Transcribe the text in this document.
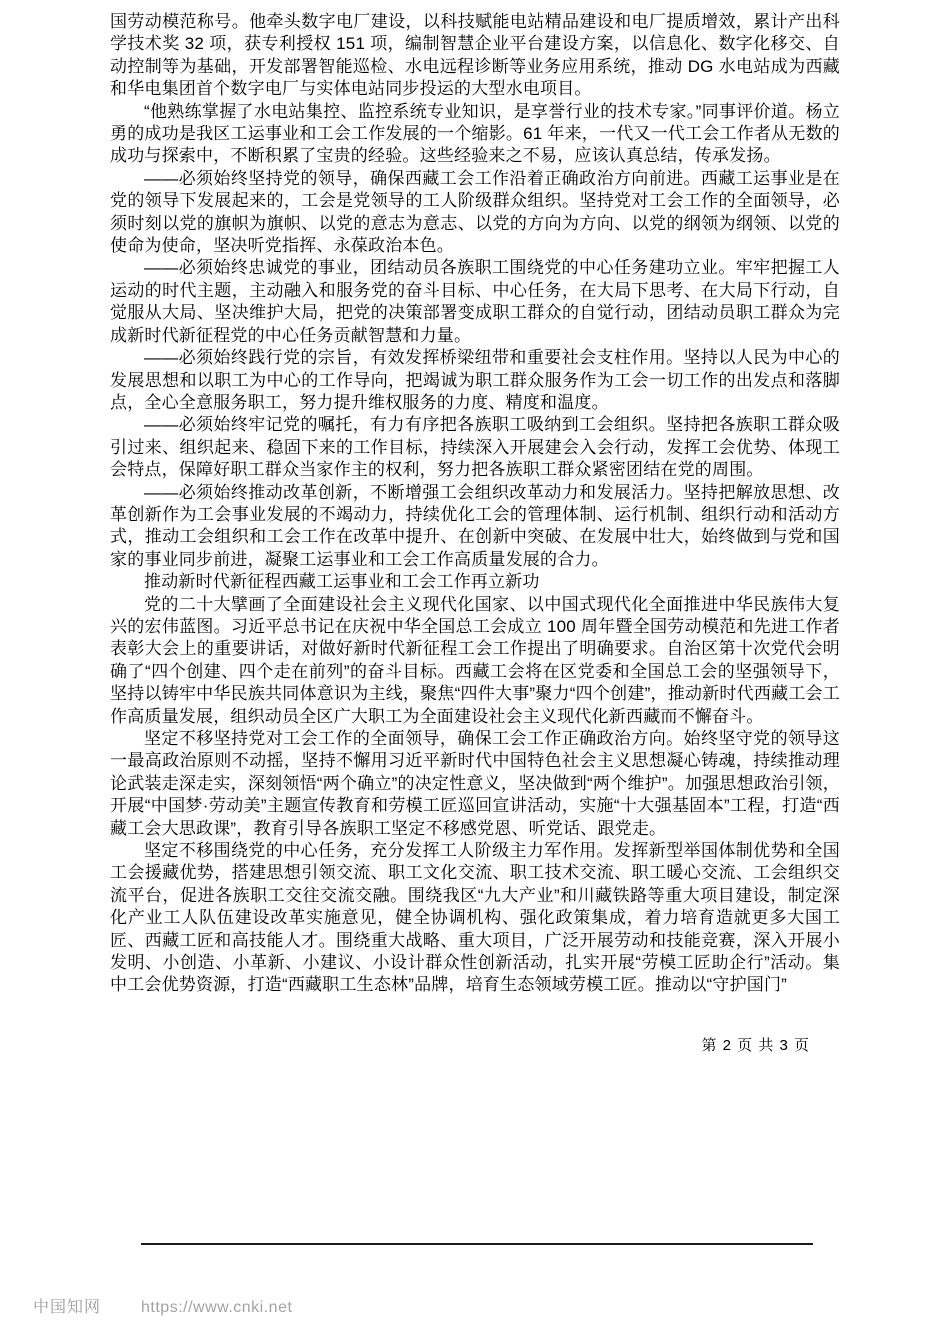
国劳动模范称号。他牵头数字电厂建设，以科技赋能电站精品建设和电厂提质增效，累计产出科学技术奖 32 项，获专利授权 151 项，编制智慧企业平台建设方案，以信息化、数字化移交、自动控制等为基础，开发部署智能巡检、水电远程诊断等业务应用系统，推动 DG 水电站成为西藏和华电集团首个数字电厂与实体电站同步投运的大型水电项目。

“他熟练掌握了水电站集控、监控系统专业知识，是享誉行业的技术专家。”同事评价道。杨立勇的成功是我区工运事业和工会工作发展的一个缩影。61 年来，一代又一代工会工作者从无数的成功与探索中，不断积累了宝贵的经验。这些经验来之不易，应该认真总结，传承发扬。

——必须始终坚持党的领导，确保西藏工会工作沿着正确政治方向前进。西藏工运事业是在党的领导下发展起来的，工会是党领导的工人阶级群众组织。坚持党对工会工作的全面领导，必须时刻以党的旗帜为旗帜、以党的意志为意志、以党的方向为方向、以党的纲领为纲领、以党的使命为使命，坚决听党指挥、永葆政治本色。

——必须始终忠诚党的事业，团结动员各族职工围绕党的中心任务建功立业。牢牢把握工人运动的时代主题，主动融入和服务党的奋斗目标、中心任务，在大局下思考、在大局下行动，自觉服从大局、坚决维护大局，把党的决策部署变成职工群众的自觉行动，团结动员职工群众为完成新时代新征程党的中心任务贡献智慧和力量。

——必须始终践行党的宗旨，有效发挥桥梁纽带和重要社会支柱作用。坚持以人民为中心的发展思想和以职工为中心的工作导向，把竭诚为职工群众服务作为工会一切工作的出发点和落脚点，全心全意服务职工，努力提升维权服务的力度、精度和温度。

——必须始终牢记党的嘱托，有力有序把各族职工吸纳到工会组织。坚持把各族职工群众吸引过来、组织起来、稳固下来的工作目标，持续深入开展建会入会行动，发挥工会优势、体现工会特点，保障好职工群众当家作主的权利，努力把各族职工群众紧密团结在党的周围。

——必须始终推动改革创新，不断增强工会组织改革动力和发展活力。坚持把解放思想、改革创新作为工会事业发展的不竭动力，持续优化工会的管理体制、运行机制、组织行动和活动方式，推动工会组织和工会工作在改革中提升、在创新中突破、在发展中壮大，始终做到与党和国家的事业同步前进，凝聚工运事业和工会工作高质量发展的合力。

推动新时代新征程西藏工运事业和工会工作再立新功

党的二十大擘画了全面建设社会主义现代化国家、以中国式现代化全面推进中华民族伟大复兴的宏伟蓝图。习近平总书记在庆祝中华全国总工会成立 100 周年暨全国劳动模范和先进工作者表彰大会上的重要讲话，对做好新时代新征程工会工作提出了明确要求。自治区第十次党代会明确了“四个创建、四个走在前列”的奋斗目标。西藏工会将在区党委和全国总工会的坚强领导下，坚持以铸牢中华民族共同体意识为主线，聚焦“四件大事”聚力“四个创建”，推动新时代西藏工会工作高质量发展，组织动员全区广大职工为全面建设社会主义现代化新西藏而不懈奋斗。

坚定不移坚持党对工会工作的全面领导，确保工会工作正确政治方向。始终坚守党的领导这一最高政治原则不动摇，坚持不懈用习近平新时代中国特色社会主义思想凝心铸魂，持续推动理论武装走深走实，深刻领悟“两个确立”的决定性意义，坚决做到“两个维护”。加强思想政治引领，开展“中国梦·劳动美”主题宣传教育和劳模工匠巡回宣讲活动，实施“十大强基固本”工程，打造“西藏工会大思政课”，教育引导各族职工坚定不移感党恩、听党话、跟党走。

坚定不移围绕党的中心任务，充分发挥工人阶级主力军作用。发挥新型举国体制优势和全国工会援藏优势，搭建思想引领交流、职工文化交流、职工技术交流、职工暖心交流、工会组织交流平台，促进各族职工交往交流交融。围绕我区“九大产业”和川藏铁路等重大项目建设，制定深化产业工人队伍建设改革实施意见，健全协调机构、强化政策集成，着力培育造就更多大国工匠、西藏工匠和高技能人才。围绕重大战略、重大项目，广泛开展劳动和技能竞赛，深入开展小发明、小创造、小革新、小建议、小设计群众性创新活动，扎实开展“劳模工匠助企行”活动。集中工会优势资源，打造“西藏职工生态林”品牌，培育生态领域劳模工匠。推动以“守护国门”

第 2 页 共 3 页
中国知网	https://www.cnki.net
